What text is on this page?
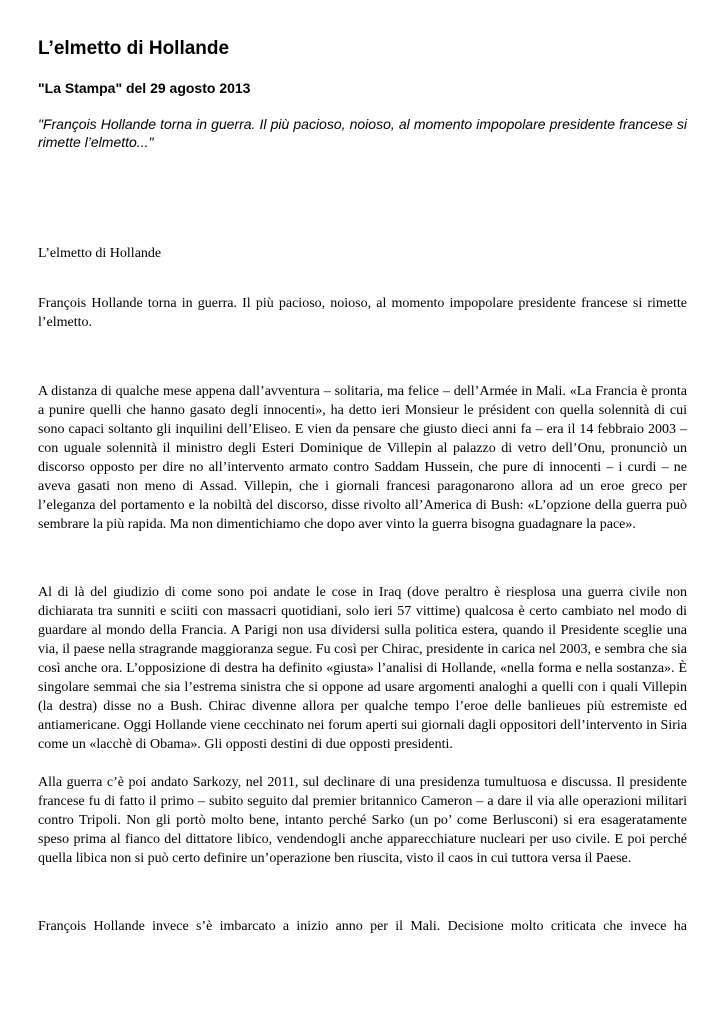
L’elmetto di Hollande
"La Stampa" del 29 agosto 2013
"François Hollande torna in guerra. Il più pacioso, noioso, al momento impopolare presidente francese si rimette l’elmetto..."

L’elmetto di Hollande

François Hollande torna in guerra. Il più pacioso, noioso, al momento impopolare presidente francese si rimette l’elmetto.

A distanza di qualche mese appena dall’avventura – solitaria, ma felice – dell’Armée in Mali. «La Francia è pronta a punire quelli che hanno gasato degli innocenti», ha detto ieri Monsieur le président con quella solennità di cui sono capaci soltanto gli inquilini dell’Eliseo. E vien da pensare che giusto dieci anni fa – era il 14 febbraio 2003 – con uguale solennità il ministro degli Esteri Dominique de Villepin al palazzo di vetro dell’Onu, pronunciò un discorso opposto per dire no all’intervento armato contro Saddam Hussein, che pure di innocenti – i curdi – ne aveva gasati non meno di Assad. Villepin, che i giornali francesi paragonarono allora ad un eroe greco per l’eleganza del portamento e la nobiltà del discorso, disse rivolto all’America di Bush: «L’opzione della guerra può sembrare la più rapida. Ma non dimentichiamo che dopo aver vinto la guerra bisogna guadagnare la pace».

Al di là del giudizio di come sono poi andate le cose in Iraq (dove peraltro è riesplosa una guerra civile non dichiarata tra sunniti e sciiti con massacri quotidiani, solo ieri 57 vittime) qualcosa è certo cambiato nel modo di guardare al mondo della Francia. A Parigi non usa dividersi sulla politica estera, quando il Presidente sceglie una via, il paese nella stragrande maggioranza segue. Fu così per Chirac, presidente in carica nel 2003, e sembra che sia così anche ora. L’opposizione di destra ha definito «giusta» l’analisi di Hollande, «nella forma e nella sostanza». È singolare semmai che sia l’estrema sinistra che si oppone ad usare argomenti analoghi a quelli con i quali Villepin (la destra) disse no a Bush. Chirac divenne allora per qualche tempo l’eroe delle banlieues più estremiste ed antiamericane. Oggi Hollande viene cecchinato nei forum aperti sui giornali dagli oppositori dell’intervento in Siria come un «lacchè di Obama». Gli opposti destini di due opposti presidenti.

Alla guerra c’è poi andato Sarkozy, nel 2011, sul declinare di una presidenza tumultuosa e discussa. Il presidente francese fu di fatto il primo – subito seguito dal premier britannico Cameron – a dare il via alle operazioni militari contro Tripoli. Non gli portò molto bene, intanto perché Sarko (un po’ come Berlusconi) si era esageratamente speso prima al fianco del dittatore libico, vendendogli anche apparecchiature nucleari per uso civile. E poi perché quella libica non si può certo definire un’operazione ben riuscita, visto il caos in cui tuttora versa il Paese.

François Hollande invece s’è imbarcato a inizio anno per il Mali. Decisione molto criticata che invece ha
